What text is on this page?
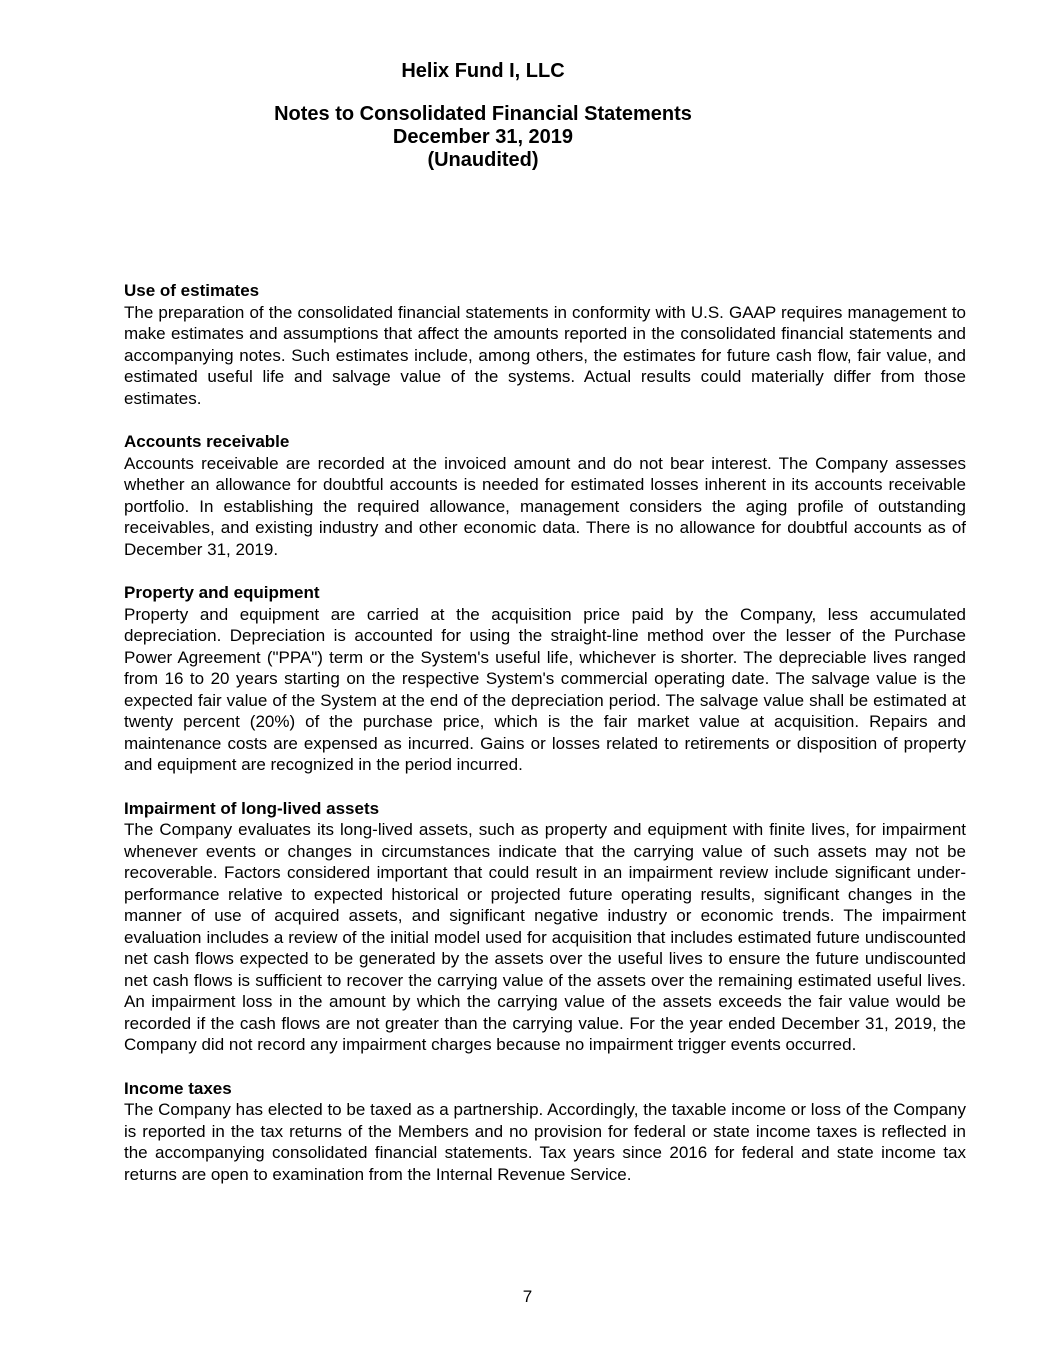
Helix Fund I, LLC
Notes to Consolidated Financial Statements
December 31, 2019
(Unaudited)
Use of estimates

The preparation of the consolidated financial statements in conformity with U.S. GAAP requires management to make estimates and assumptions that affect the amounts reported in the consolidated financial statements and accompanying notes. Such estimates include, among others, the estimates for future cash flow, fair value, and estimated useful life and salvage value of the systems. Actual results could materially differ from those estimates.

Accounts receivable

Accounts receivable are recorded at the invoiced amount and do not bear interest. The Company assesses whether an allowance for doubtful accounts is needed for estimated losses inherent in its accounts receivable portfolio. In establishing the required allowance, management considers the aging profile of outstanding receivables, and existing industry and other economic data. There is no allowance for doubtful accounts as of December 31, 2019.

Property and equipment

Property and equipment are carried at the acquisition price paid by the Company, less accumulated depreciation. Depreciation is accounted for using the straight-line method over the lesser of the Purchase Power Agreement ("PPA") term or the System's useful life, whichever is shorter. The depreciable lives ranged from 16 to 20 years starting on the respective System's commercial operating date. The salvage value is the expected fair value of the System at the end of the depreciation period. The salvage value shall be estimated at twenty percent (20%) of the purchase price, which is the fair market value at acquisition. Repairs and maintenance costs are expensed as incurred. Gains or losses related to retirements or disposition of property and equipment are recognized in the period incurred.

Impairment of long-lived assets

The Company evaluates its long-lived assets, such as property and equipment with finite lives, for impairment whenever events or changes in circumstances indicate that the carrying value of such assets may not be recoverable. Factors considered important that could result in an impairment review include significant under-performance relative to expected historical or projected future operating results, significant changes in the manner of use of acquired assets, and significant negative industry or economic trends. The impairment evaluation includes a review of the initial model used for acquisition that includes estimated future undiscounted net cash flows expected to be generated by the assets over the useful lives to ensure the future undiscounted net cash flows is sufficient to recover the carrying value of the assets over the remaining estimated useful lives. An impairment loss in the amount by which the carrying value of the assets exceeds the fair value would be recorded if the cash flows are not greater than the carrying value. For the year ended December 31, 2019, the Company did not record any impairment charges because no impairment trigger events occurred.

Income taxes

The Company has elected to be taxed as a partnership. Accordingly, the taxable income or loss of the Company is reported in the tax returns of the Members and no provision for federal or state income taxes is reflected in the accompanying consolidated financial statements. Tax years since 2016 for federal and state income tax returns are open to examination from the Internal Revenue Service.

7
